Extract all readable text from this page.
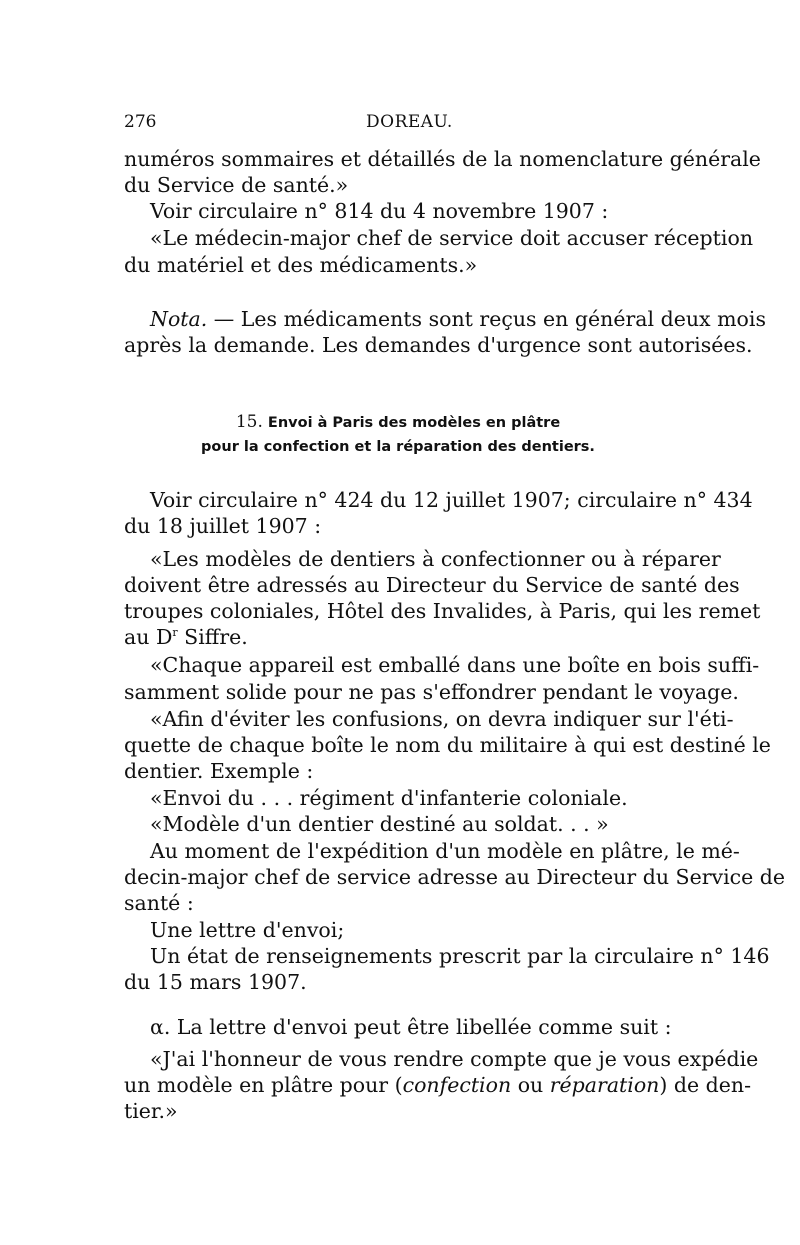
276	DOREAU.
numéros sommaires et détaillés de la nomenclature générale
du Service de santé.»
Voir circulaire n° 814 du 4 novembre 1907 :
«Le médecin-major chef de service doit accuser réception
du matériel et des médicaments.»
Nota. — Les médicaments sont reçus en général deux mois
après la demande. Les demandes d'urgence sont autorisées.
15. Envoi à Paris des modèles en plâtre
pour la confection et la réparation des dentiers.
Voir circulaire n° 424 du 12 juillet 1907; circulaire n° 434
du 18 juillet 1907 :
«Les modèles de dentiers à confectionner ou à réparer
doivent être adressés au Directeur du Service de santé des
troupes coloniales, Hôtel des Invalides, à Paris, qui les remet
au $D^r$ Siffre.
«Chaque appareil est emballé dans une boîte en bois suffi-
samment solide pour ne pas s'effondrer pendant le voyage.
«Afin d'éviter les confusions, on devra indiquer sur l'éti-
quette de chaque boîte le nom du militaire à qui est destiné le
dentier. Exemple :
«Envoi du . . . régiment d'infanterie coloniale.
«Modèle d'un dentier destiné au soldat. . . »
Au moment de l'expédition d'un modèle en plâtre, le mé-
decin-major chef de service adresse au Directeur du Service de
santé :
Une lettre d'envoi;
Un état de renseignements prescrit par la circulaire n° 146
du 15 mars 1907.
α. La lettre d'envoi peut être libellée comme suit :
«J'ai l'honneur de vous rendre compte que je vous expédie
un modèle en plâtre pour (confection ou réparation) de den-
tier.»
